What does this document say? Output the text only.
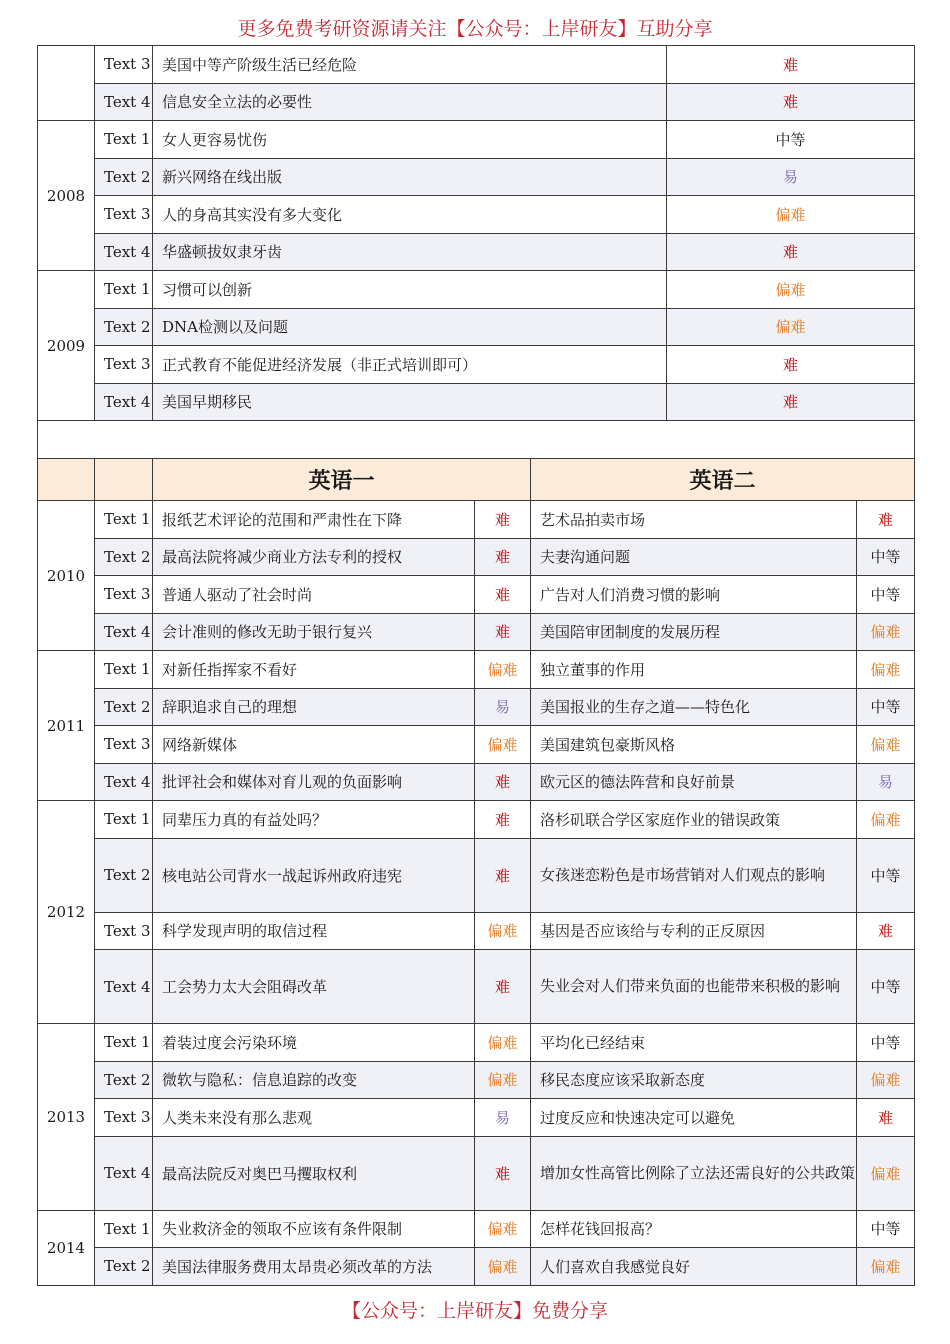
更多免费考研资源请关注【公众号：上岸研友】互助分享
	Text 3	美国中等产阶级生活已经危险	难
	Text 4	信息安全立法的必要性	难
2008	Text 1	女人更容易忧伤	中等
	Text 2	新兴网络在线出版	易
	Text 3	人的身高其实没有多大变化	偏难
	Text 4	华盛顿拔奴隶牙齿	难
2009	Text 1	习惯可以创新	偏难
	Text 2	DNA检测以及问题	偏难
	Text 3	正式教育不能促进经济发展（非正式培训即可）	难
	Text 4	美国早期移民	难

		英语一		英语二	
2010	Text 1	报纸艺术评论的范围和严肃性在下降	难	艺术品拍卖市场	难
	Text 2	最高法院将减少商业方法专利的授权	难	夫妻沟通问题	中等
	Text 3	普通人驱动了社会时尚	难	广告对人们消费习惯的影响	中等
	Text 4	会计准则的修改无助于银行复兴	难	美国陪审团制度的发展历程	偏难
2011	Text 1	对新任指挥家不看好	偏难	独立董事的作用	偏难
	Text 2	辞职追求自己的理想	易	美国报业的生存之道——特色化	中等
	Text 3	网络新媒体	偏难	美国建筑包豪斯风格	偏难
	Text 4	批评社会和媒体对育儿观的负面影响	难	欧元区的德法阵营和良好前景	易
2012	Text 1	同辈压力真的有益处吗？	难	洛杉矶联合学区家庭作业的错误政策	偏难
	Text 2	核电站公司背水一战起诉州政府违宪	难	女孩迷恋粉色是市场营销对人们观点的影响	中等
	Text 3	科学发现声明的取信过程	偏难	基因是否应该给与专利的正反原因	难
	Text 4	工会势力太大会阻碍改革	难	失业会对人们带来负面的也能带来积极的影响	中等
2013	Text 1	着装过度会污染环境	偏难	平均化已经结束	中等
	Text 2	微软与隐私：信息追踪的改变	偏难	移民态度应该采取新态度	偏难
	Text 3	人类未来没有那么悲观	易	过度反应和快速决定可以避免	难
	Text 4	最高法院反对奥巴马攫取权利	难	增加女性高管比例除了立法还需良好的公共政策	偏难
2014	Text 1	失业救济金的领取不应该有条件限制	偏难	怎样花钱回报高？	中等
	Text 2	美国法律服务费用太昂贵必须改革的方法	偏难	人们喜欢自我感觉良好	偏难
【公众号：上岸研友】免费分享
